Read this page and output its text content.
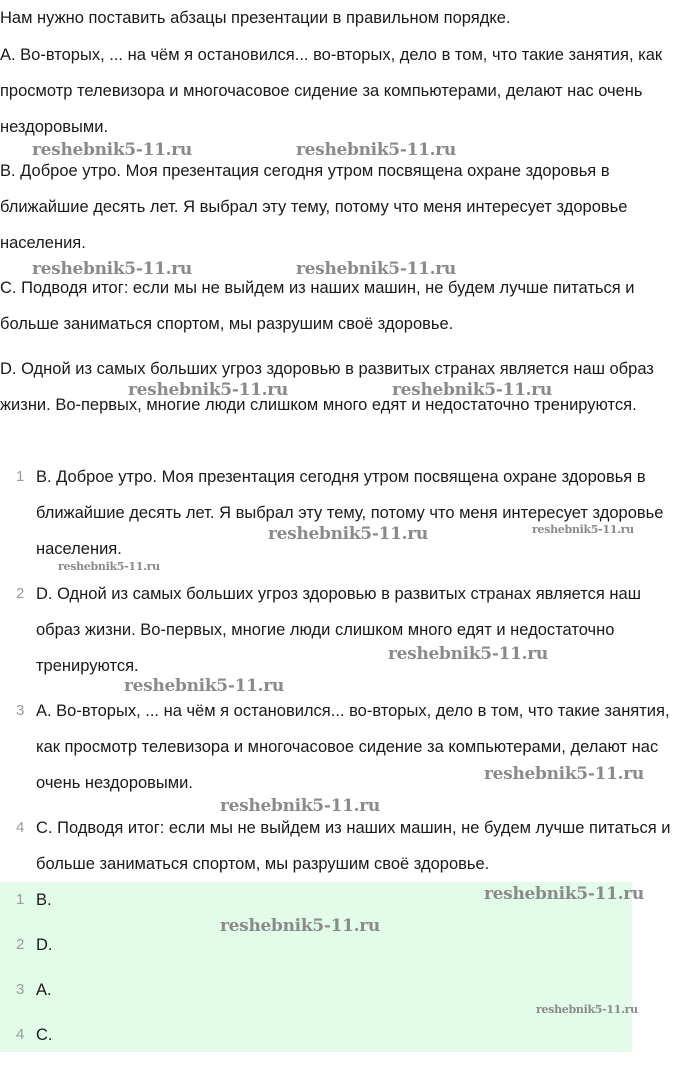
Нам нужно поставить абзацы презентации в правильном порядке.

A. Во-вторых, ... на чём я остановился... во-вторых, дело в том, что такие занятия, как просмотр телевизора и многочасовое сидение за компьютерами, делают нас очень нездоровыми.

B. Доброе утро. Моя презентация сегодня утром посвящена охране здоровья в ближайшие десять лет. Я выбрал эту тему, потому что меня интересует здоровье населения.

C. Подводя итог: если мы не выйдем из наших машин, не будем лучше питаться и больше заниматься спортом, мы разрушим своё здоровье.

D. Одной из самых больших угроз здоровью в развитых странах является наш образ жизни. Во-первых, многие люди слишком много едят и недостаточно тренируются.

1 B. Доброе утро. Моя презентация сегодня утром посвящена охране здоровья в ближайшие десять лет. Я выбрал эту тему, потому что меня интересует здоровье населения.

2 D. Одной из самых больших угроз здоровью в развитых странах является наш образ жизни. Во-первых, многие люди слишком много едят и недостаточно тренируются.

3 A. Во-вторых, ... на чём я остановился... во-вторых, дело в том, что такие занятия, как просмотр телевизора и многочасовое сидение за компьютерами, делают нас очень нездоровыми.

4 C. Подводя итог: если мы не выйдем из наших машин, не будем лучше питаться и больше заниматься спортом, мы разрушим своё здоровье.

1 B.
2 D.
3 A.
4 C.
reshebnik5-11.ru	reshebnik5-11.ru
reshebnik5-11.ru	reshebnik5-11.ru
reshebnik5-11.ru	reshebnik5-11.ru
reshebnik5-11.ru	reshebnik5-11.ru
reshebnik5-11.ru
reshebnik5-11.ru
reshebnik5-11.ru
reshebnik5-11.ru
reshebnik5-11.ru
reshebnik5-11.ru
reshebnik5-11.ru
reshebnik5-11.ru
